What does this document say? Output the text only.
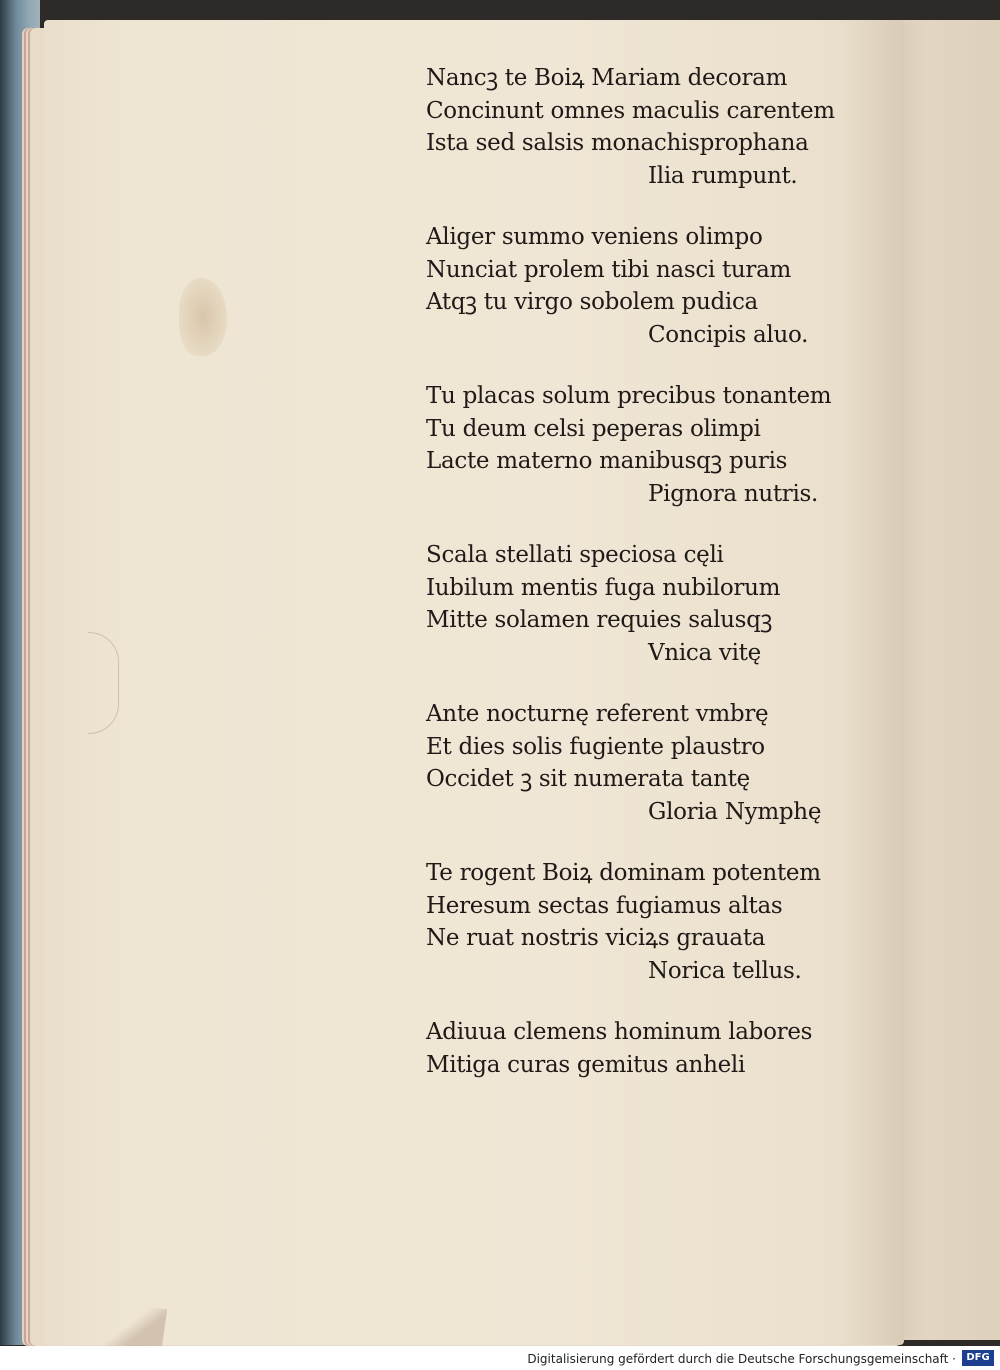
Nancꝫ te Boiꝝ Mariam decoram
Concinunt omnes maculis carentem
Ista sed salsis monachisprophana
Ilia rumpunt.
Aliger summo veniens olimpo
Nunciat prolem tibi nasci turam
Atqꝫ tu virgo sobolem pudica
Concipis aluo.
Tu placas solum precibus tonantem
Tu deum celsi peperas olimpi
Lacte materno manibusqꝫ puris
Pignora nutris.
Scala stellati speciosa cęli
Iubilum mentis fuga nubilorum
Mitte solamen requies salusqꝫ
Vnica vitę
Ante nocturnę referent vmbrę
Et dies solis fugiente plaustro
Occidet ꝫ sit numerata tantę
Gloria Nymphę
Te rogent Boiꝝ dominam potentem
Heresum sectas fugiamus altas
Ne ruat nostris viciꝝs grauata
Norica tellus.
Adiuua clemens hominum labores
Mitiga curas gemitus anheli
Digitalisierung gefördert durch die Deutsche Forschungsgemeinschaft ·	DFG
